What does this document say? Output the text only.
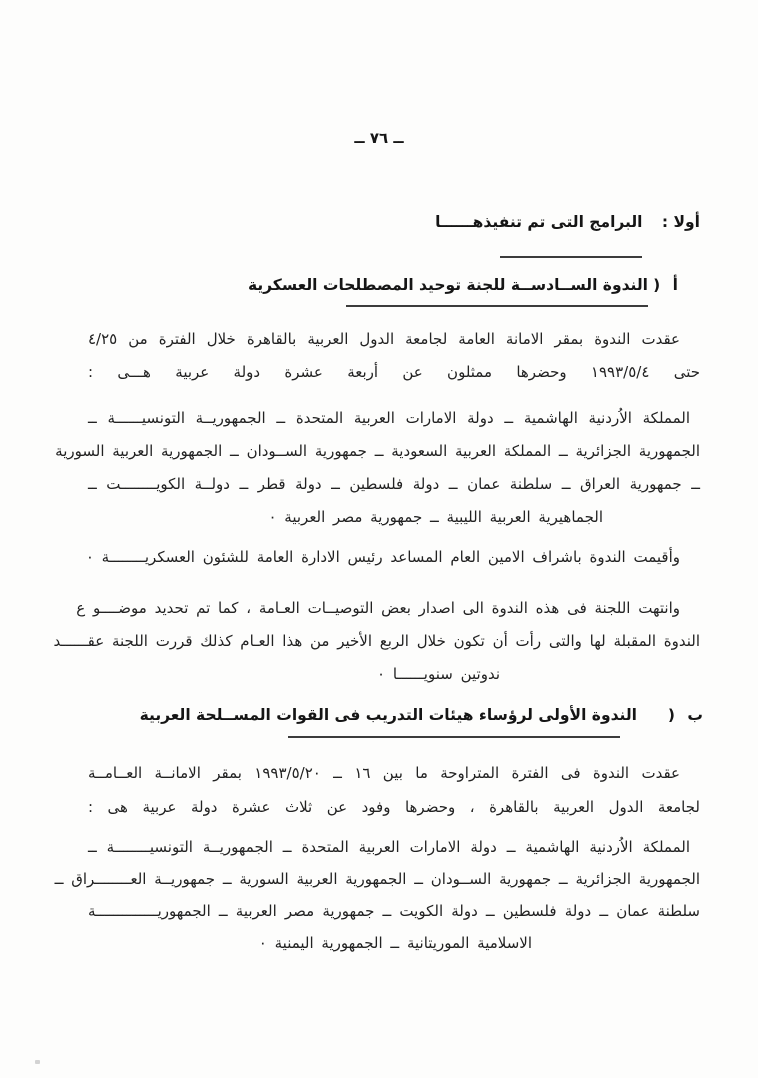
ــ ٧٦ ــ
أولا : البرامج التى تم تنفيذهــــــا
أ )
الندوة الســادســة للجنة توحيد المصطلحات العسكرية
عقدت الندوة بمقر الامانة العامة لجامعة الدول العربية بالقاهرة خلال الفترة من ٤/٢٥
حتى ١٩٩٣/٥/٤ وحضرها ممثلون عن أربعة عشرة دولة عربية هـــى :
المملكة الاُردنية الهاشمية ــ دولة الامارات العربية المتحدة ــ الجمهوريــة التونسيــــــة ــ
الجمهورية الجزائرية ــ المملكة العربية السعودية ــ جمهورية الســودان ــ الجمهورية العربية السورية
ــ جمهورية العراق ــ سلطنة عمان ــ دولة فلسطين ــ دولة قطر ــ دولــة الكويــــــــت ــ
الجماهيرية العربية الليبية ــ جمهورية مصر العربية ٠
وأقيمت الندوة باشراف الامين العام المساعد رئيس الادارة العامة للشئون العسكريــــــــة ٠
وانتهت اللجنة فى هذه الندوة الى اصدار بعض التوصيــات العـامة ، كما تم تحديد موضــــو ع
الندوة المقبلة لها والتى رأت أن تكون خلال الربع الأخير من هذا العـام كذلك قررت اللجنة عقــــــد
ندوتين سنويــــــا ٠
ب )
الندوة الأولى لرؤساء هيئات التدريب فى القوات المســلحة العربية
عقدت الندوة فى الفترة المتراوحة ما بين ١٦ ــ ١٩٩٣/٥/٢٠ بمقر الامانــة العــامــة
لجامعة الدول العربية بالقاهرة ، وحضرها وفود عن ثلاث عشرة دولة عربية هى :
المملكة الاُردنية الهاشمية ــ دولة الامارات العربية المتحدة ــ الجمهوريــة التونسيــــــــة ــ
الجمهورية الجزائرية ــ جمهورية الســودان ــ الجمهورية العربية السورية ــ جمهوريــة العــــــــراق ــ
سلطنة عمان ــ دولة فلسطين ــ دولة الكويت ــ جمهورية مصر العربية ــ الجمهوريــــــــــــــة
الاسلامية الموريتانية ــ الجمهورية اليمنية ٠
